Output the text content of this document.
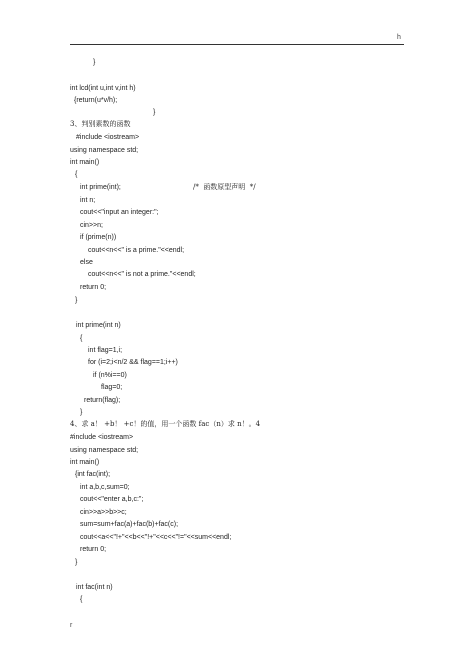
h
}
int lcd(int u,int v,int h)
{return(u*v/h);
}
3、判别素数的函数
#include <iostream>
using namespace std;
int main()
{
int prime(int);	/*  函数原型声明  */
int n;
cout<<"input an integer:";
cin>>n;
if (prime(n))
cout<<n<<" is a prime."<<endl;
else
cout<<n<<" is not a prime."<<endl;
return 0;
}
int prime(int n)
{
int flag=1,i;
for (i=2;i<n/2 && flag==1;i++)
if (n%i==0)
flag=0;
return(flag);
}
4、求 a！ +b！ +c！的值，用一个函数 fac（n）求 n！。4
#include <iostream>
using namespace std;
int main()
{int fac(int);
int a,b,c,sum=0;
cout<<"enter a,b,c:";
cin>>a>>b>>c;
sum=sum+fac(a)+fac(b)+fac(c);
cout<<a<<"!+"<<b<<"!+"<<c<<"!="<<sum<<endl;
return 0;
}
int fac(int n)
{
r
